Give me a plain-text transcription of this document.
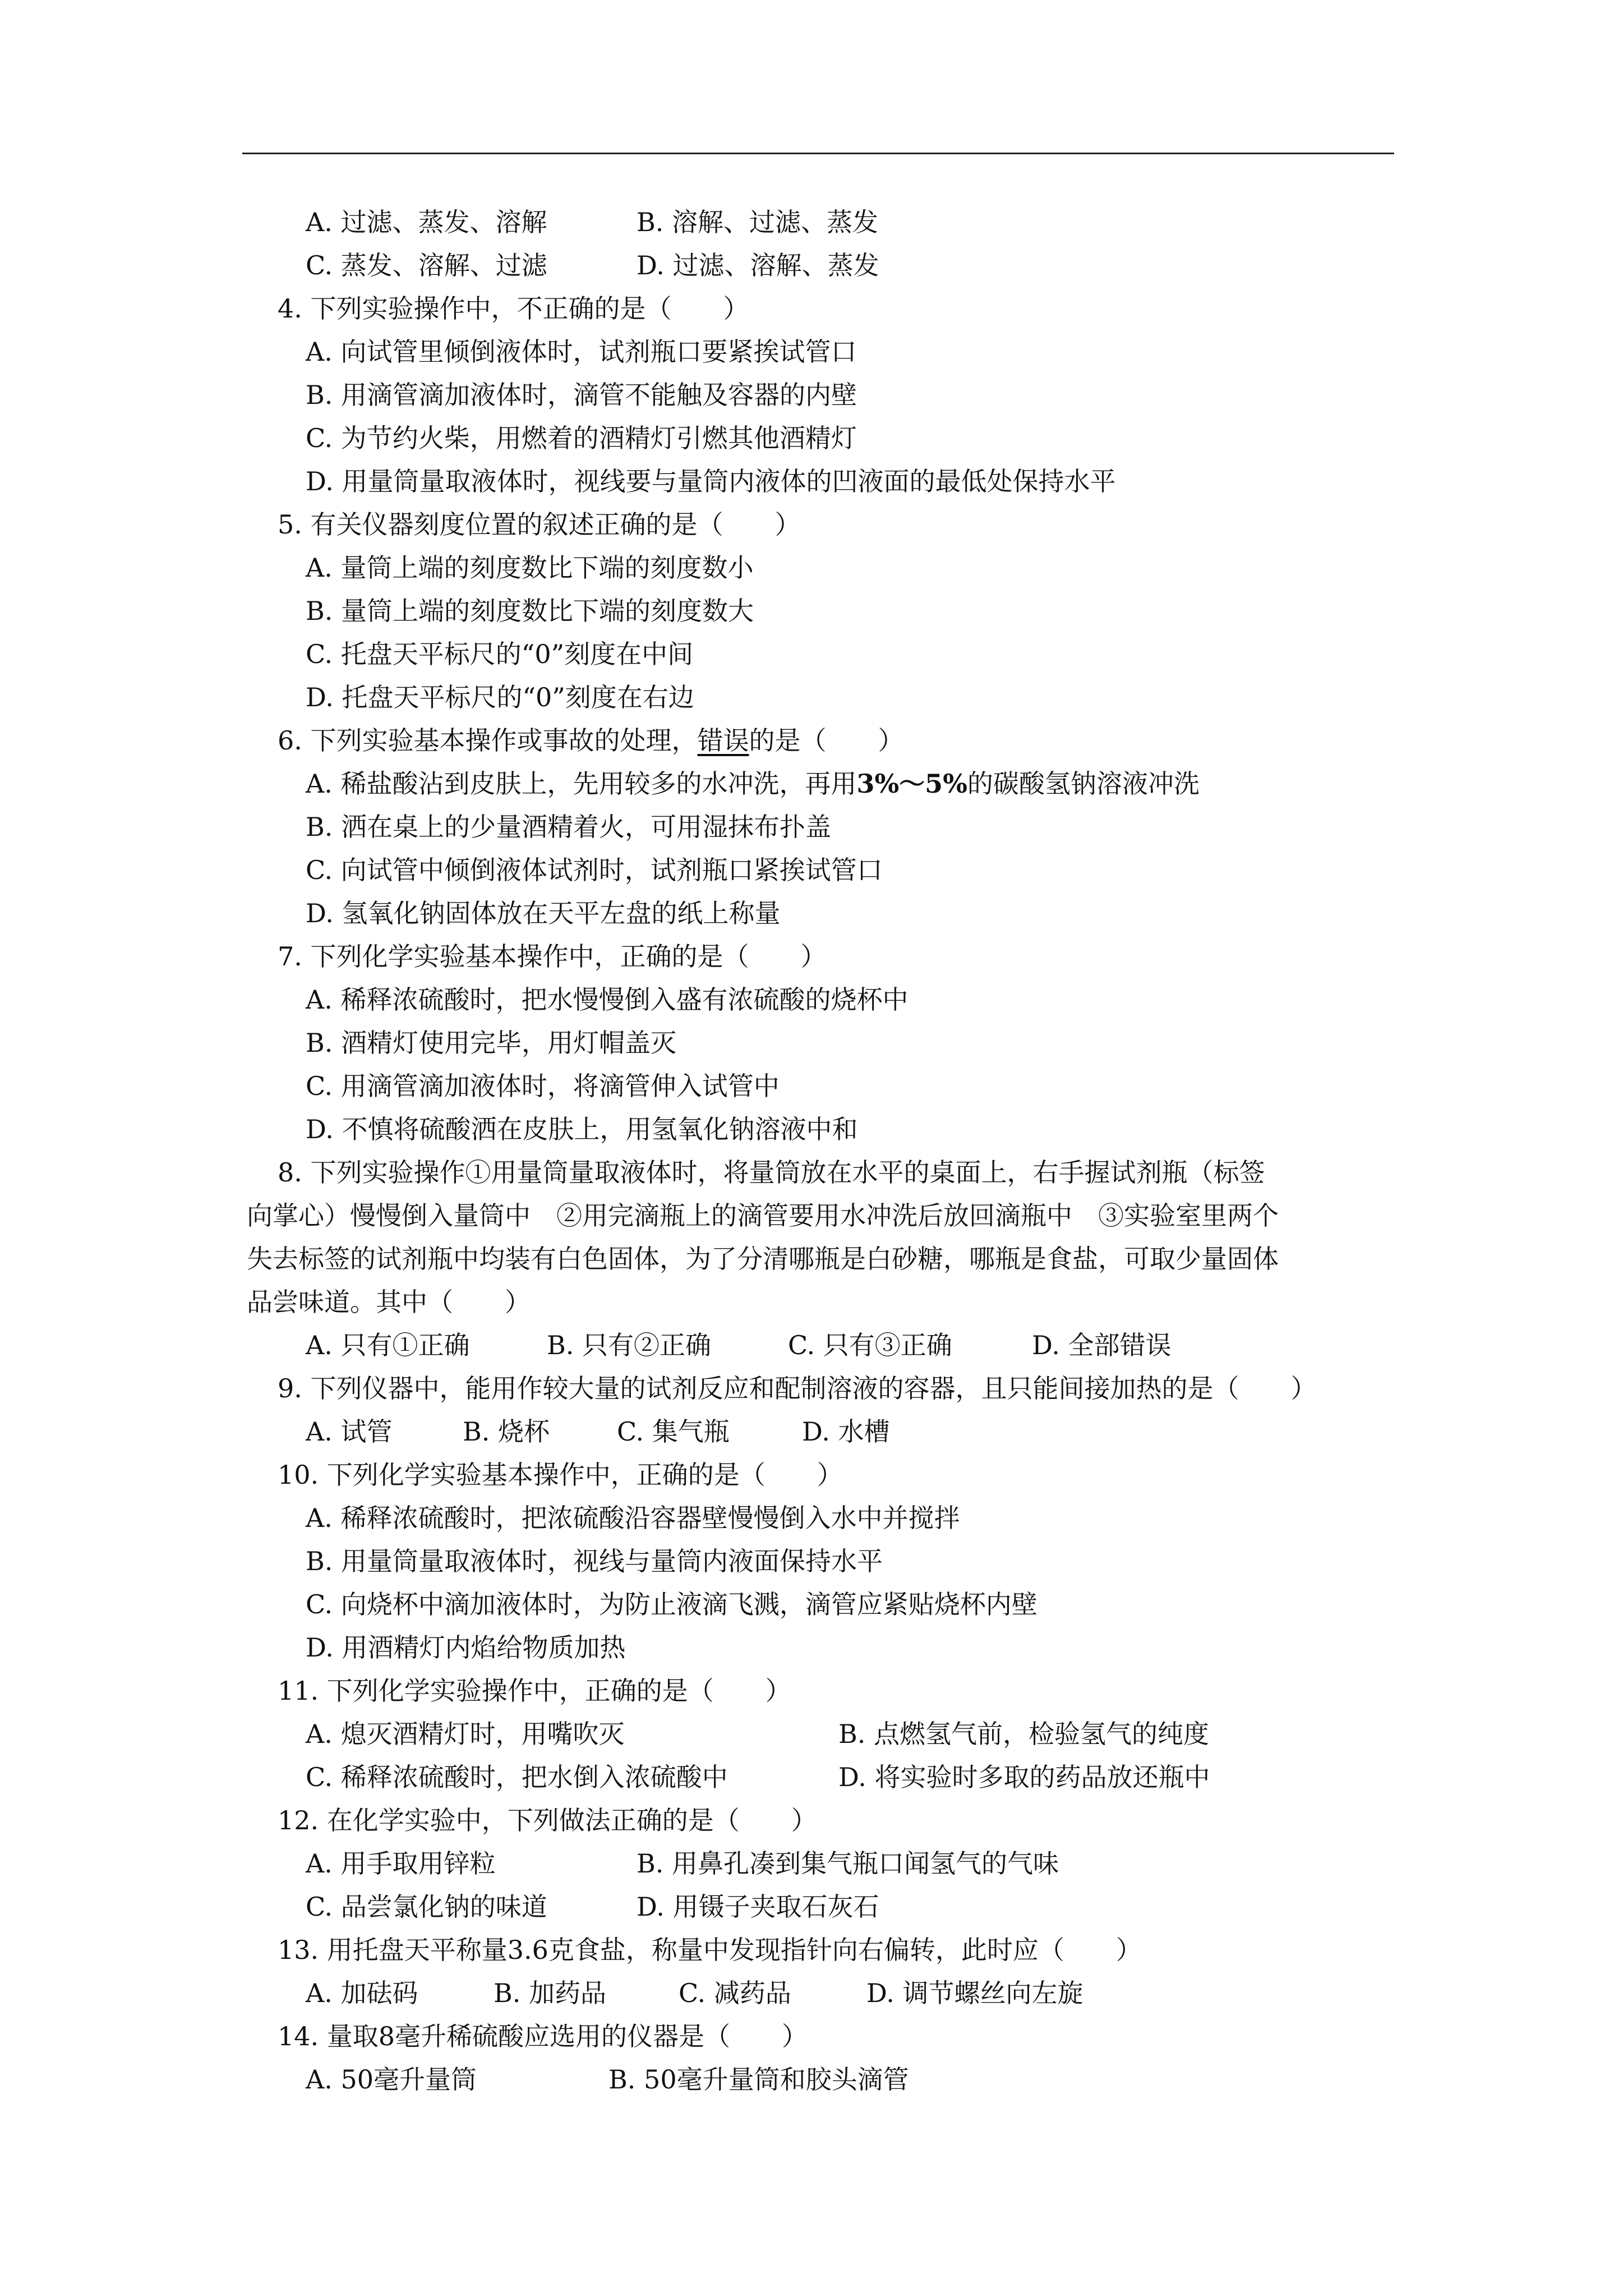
A. 过滤、蒸发、溶解	B. 溶解、过滤、蒸发
C. 蒸发、溶解、过滤	D. 过滤、溶解、蒸发
4. 下列实验操作中，不正确的是（　　）
A. 向试管里倾倒液体时，试剂瓶口要紧挨试管口
B. 用滴管滴加液体时，滴管不能触及容器的内壁
C. 为节约火柴，用燃着的酒精灯引燃其他酒精灯
D. 用量筒量取液体时，视线要与量筒内液体的凹液面的最低处保持水平
5. 有关仪器刻度位置的叙述正确的是（　　）
A. 量筒上端的刻度数比下端的刻度数小
B. 量筒上端的刻度数比下端的刻度数大
C. 托盘天平标尺的“0”刻度在中间
D. 托盘天平标尺的“0”刻度在右边
6. 下列实验基本操作或事故的处理，错误的是（　　）
A. 稀盐酸沾到皮肤上，先用较多的水冲洗，再用3%～5%的碳酸氢钠溶液冲洗
B. 洒在桌上的少量酒精着火，可用湿抹布扑盖
C. 向试管中倾倒液体试剂时，试剂瓶口紧挨试管口
D. 氢氧化钠固体放在天平左盘的纸上称量
7. 下列化学实验基本操作中，正确的是（　　）
A. 稀释浓硫酸时，把水慢慢倒入盛有浓硫酸的烧杯中
B. 酒精灯使用完毕，用灯帽盖灭
C. 用滴管滴加液体时，将滴管伸入试管中
D. 不慎将硫酸洒在皮肤上，用氢氧化钠溶液中和
8. 下列实验操作①用量筒量取液体时，将量筒放在水平的桌面上，右手握试剂瓶（标签
向掌心）慢慢倒入量筒中　②用完滴瓶上的滴管要用水冲洗后放回滴瓶中　③实验室里两个
失去标签的试剂瓶中均装有白色固体，为了分清哪瓶是白砂糖，哪瓶是食盐，可取少量固体
品尝味道。其中（　　）
A. 只有①正确	B. 只有②正确	C. 只有③正确	D. 全部错误
9. 下列仪器中，能用作较大量的试剂反应和配制溶液的容器，且只能间接加热的是（　　）
A. 试管	B. 烧杯	C. 集气瓶	D. 水槽
10. 下列化学实验基本操作中，正确的是（　　）
A. 稀释浓硫酸时，把浓硫酸沿容器壁慢慢倒入水中并搅拌
B. 用量筒量取液体时，视线与量筒内液面保持水平
C. 向烧杯中滴加液体时，为防止液滴飞溅，滴管应紧贴烧杯内壁
D. 用酒精灯内焰给物质加热
11. 下列化学实验操作中，正确的是（　　）
A. 熄灭酒精灯时，用嘴吹灭	B. 点燃氢气前，检验氢气的纯度
C. 稀释浓硫酸时，把水倒入浓硫酸中	D. 将实验时多取的药品放还瓶中
12. 在化学实验中，下列做法正确的是（　　）
A. 用手取用锌粒	B. 用鼻孔凑到集气瓶口闻氢气的气味
C. 品尝氯化钠的味道	D. 用镊子夹取石灰石
13. 用托盘天平称量3.6克食盐，称量中发现指针向右偏转，此时应（　　）
A. 加砝码	B. 加药品	C. 减药品	D. 调节螺丝向左旋
14. 量取8毫升稀硫酸应选用的仪器是（　　）
A. 50毫升量筒	B. 50毫升量筒和胶头滴管
